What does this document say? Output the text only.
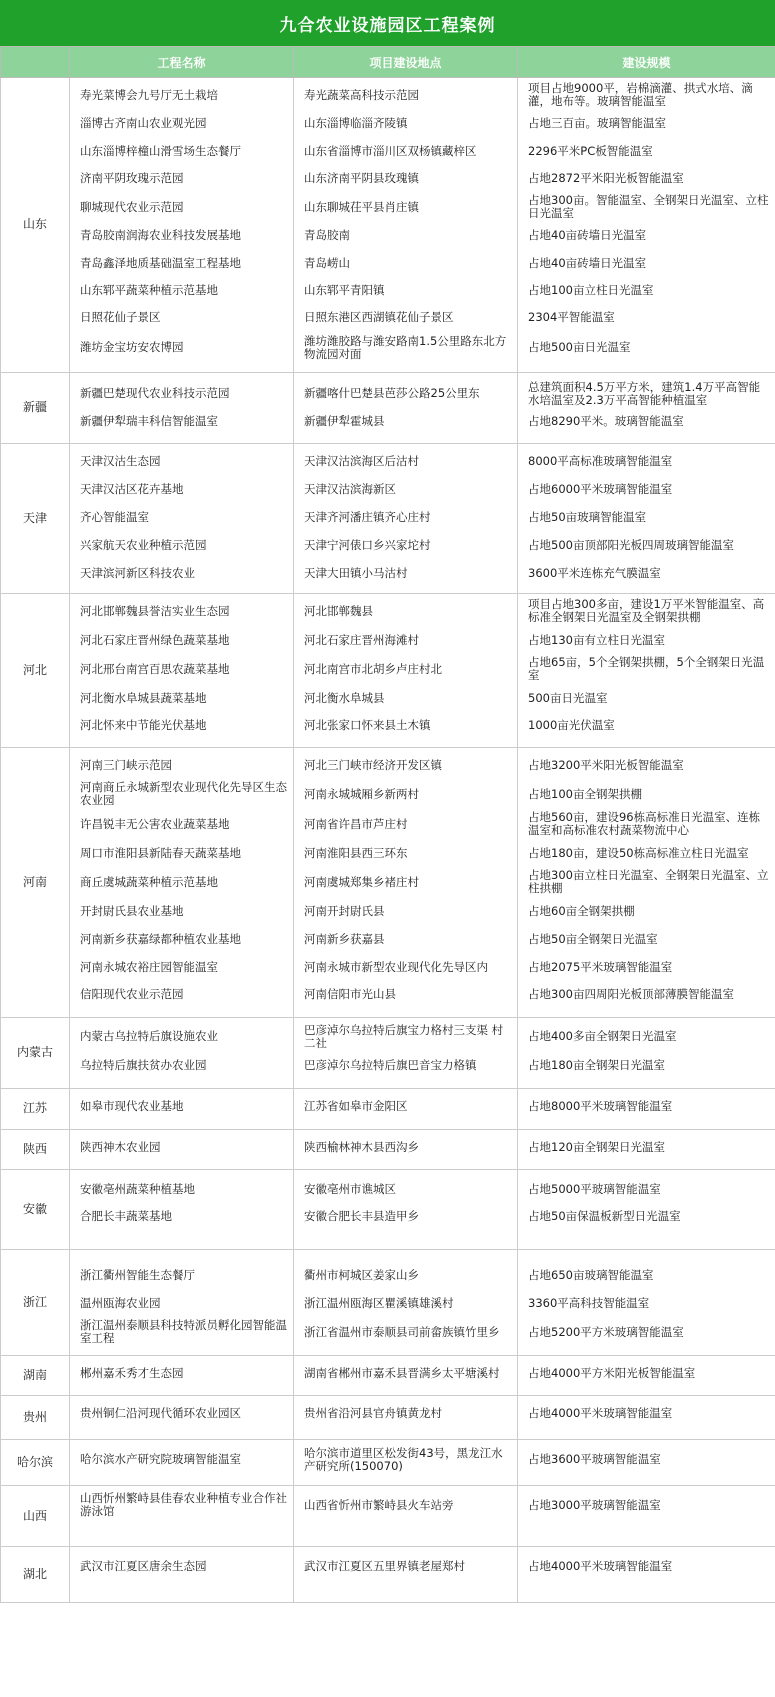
九合农业设施园区工程案例
	工程名称	项目建设地点	建设规模
山东	寿光菜博会九号厅无土栽培	寿光蔬菜高科技示范园	项目占地9000平，岩棉滴灌、拱式水培、滴灌，地布等。玻璃智能温室
	淄博古齐南山农业观光园	山东淄博临淄齐陵镇	占地三百亩。玻璃智能温室
	山东淄博梓橦山滑雪场生态餐厅	山东省淄博市淄川区双杨镇藏梓区	2296平米PC板智能温室
	济南平阴玫瑰示范园	山东济南平阴县玫瑰镇	占地2872平米阳光板智能温室
	聊城现代农业示范园	山东聊城茌平县肖庄镇	占地300亩。智能温室、全钢架日光温室、立柱日光温室
	青岛胶南润海农业科技发展基地	青岛胶南	占地40亩砖墙日光温室
	青岛鑫泽地质基础温室工程基地	青岛崂山	占地40亩砖墙日光温室
	山东郓平蔬菜种植示范基地	山东郓平青阳镇	占地100亩立柱日光温室
	日照花仙子景区	日照东港区西湖镇花仙子景区	2304平智能温室
	潍坊金宝坊安农博园	潍坊潍胶路与潍安路南1.5公里路东北方物流园对面	占地500亩日光温室
新疆	新疆巴楚现代农业科技示范园	新疆喀什巴楚县芭莎公路25公里东	总建筑面积4.5万平方米，建筑1.4万平高智能水培温室及2.3万平高智能种植温室
	新疆伊犁瑞丰科信智能温室	新疆伊犁霍城县	占地8290平米。玻璃智能温室
天津	天津汉沽生态园	天津汉沽滨海区后沽村	8000平高标准玻璃智能温室
	天津汉沽区花卉基地	天津汉沽滨海新区	占地6000平米玻璃智能温室
	齐心智能温室	天津齐河潘庄镇齐心庄村	占地50亩玻璃智能温室
	兴家航天农业种植示范园	天津宁河俵口乡兴家坨村	占地500亩顶部阳光板四周玻璃智能温室
	天津滨河新区科技农业	天津大田镇小马沽村	3600平米连栋充气膜温室
河北	河北邯郸魏县誉洁实业生态园	河北邯郸魏县	项目占地300多亩，建设1万平米智能温室、高标准全钢架日光温室及全钢架拱棚
	河北石家庄晋州绿色蔬菜基地	河北石家庄晋州海滩村	占地130亩有立柱日光温室
	河北邢台南宫百思农蔬菜基地	河北南宫市北胡乡卢庄村北	占地65亩，5个全钢架拱棚，5个全钢架日光温室
	河北衡水阜城县蔬菜基地	河北衡水阜城县	500亩日光温室
	河北怀来中节能光伏基地	河北张家口怀来县土木镇	1000亩光伏温室
河南	河南三门峡示范园	河北三门峡市经济开发区镇	占地3200平米阳光板智能温室
	河南商丘永城新型农业现代化先导区生态 农业园	河南永城城厢乡新两村	占地100亩全钢架拱棚
	许昌锐丰无公害农业蔬菜基地	河南省许昌市芦庄村	占地560亩，建设96栋高标准日光温室、连栋温室和高标准农村蔬菜物流中心
	周口市淮阳县新陆春天蔬菜基地	河南淮阳县西三环东	占地180亩，建设50栋高标准立柱日光温室
	商丘虞城蔬菜种植示范基地	河南虞城郑集乡褚庄村	占地300亩立柱日光温室、全钢架日光温室、立柱拱棚
	开封尉氏县农业基地	河南开封尉氏县	占地60亩全钢架拱棚
	河南新乡获嘉绿都种植农业基地	河南新乡获嘉县	占地50亩全钢架日光温室
	河南永城农裕庄园智能温室	河南永城市新型农业现代化先导区内	占地2075平米玻璃智能温室
	信阳现代农业示范园	河南信阳市光山县	占地300亩四周阳光板顶部薄膜智能温室
内蒙古	内蒙古乌拉特后旗设施农业	巴彦淖尔乌拉特后旗宝力格村三支渠 村二社	占地400多亩全钢架日光温室
	乌拉特后旗扶贫办农业园	巴彦淖尔乌拉特后旗巴音宝力格镇	占地180亩全钢架日光温室
江苏	如皋市现代农业基地	江苏省如皋市金阳区	占地8000平米玻璃智能温室
陕西	陕西神木农业园	陕西榆林神木县西沟乡	占地120亩全钢架日光温室
安徽	安徽亳州蔬菜种植基地	安徽亳州市谯城区	占地5000平玻璃智能温室
	合肥长丰蔬菜基地	安徽合肥长丰县造甲乡	占地50亩保温板新型日光温室
浙江	浙江衢州智能生态餐厅	衢州市柯城区姜家山乡	占地650亩玻璃智能温室
	温州瓯海农业园	浙江温州瓯海区瞿溪镇雄溪村	3360平高科技智能温室
	浙江温州泰顺县科技特派员孵化园智能温 室工程	浙江省温州市泰顺县司前畲族镇竹里乡	占地5200平方米玻璃智能温室
湖南	郴州嘉禾秀才生态园	湖南省郴州市嘉禾县晋满乡太平塘溪村	占地4000平方米阳光板智能温室
贵州	贵州铜仁沿河现代循环农业园区	贵州省沿河县官舟镇黄龙村	占地4000平米玻璃智能温室
哈尔滨	哈尔滨水产研究院玻璃智能温室	哈尔滨市道里区松发街43号，黑龙江水产研究所(150070)	占地3600平玻璃智能温室
山西	山西忻州繁峙县佳春农业种植专业合作社 游泳馆	山西省忻州市繁峙县火车站旁	占地3000平玻璃智能温室
湖北	武汉市江夏区唐余生态园	武汉市江夏区五里界镇老屋郑村	占地4000平米玻璃智能温室
